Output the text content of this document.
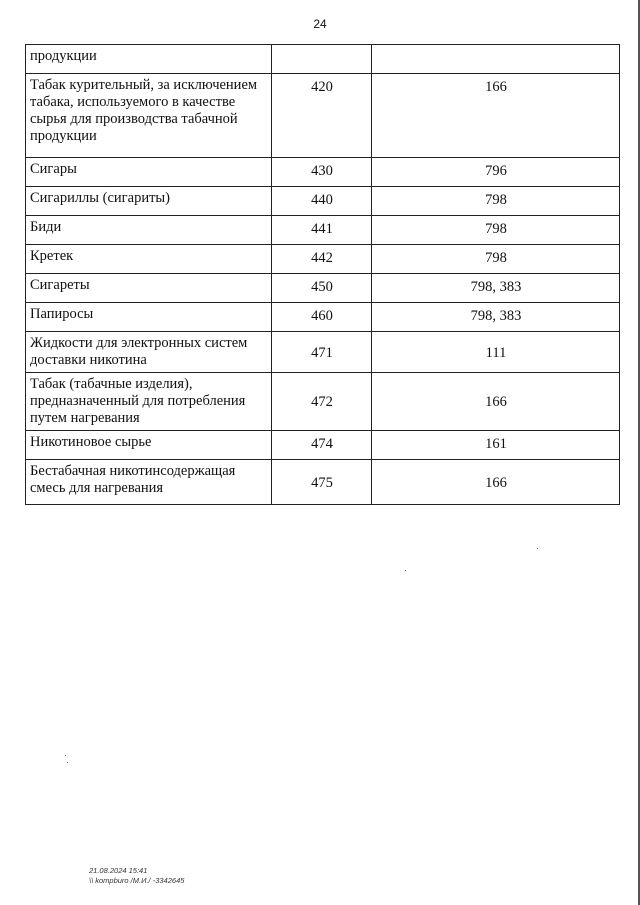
24
продукции		
Табак курительный, за исключением табака, используемого в качестве сырья для производства табачной продукции	420	166
Сигары	430	796
Сигариллы (сигариты)	440	798
Биди	441	798
Кретек	442	798
Сигареты	450	798, 383
Папиросы	460	798, 383
Жидкости для электронных систем доставки никотина	471	111
Табак (табачные изделия), предназначенный для потребления путем нагревания	472	166
Никотиновое сырье	474	161
Бестабачная никотинсодержащая смесь для нагревания	475	166
21.08.2024 15:41
\\ kompburo /М.И./ -3342645
